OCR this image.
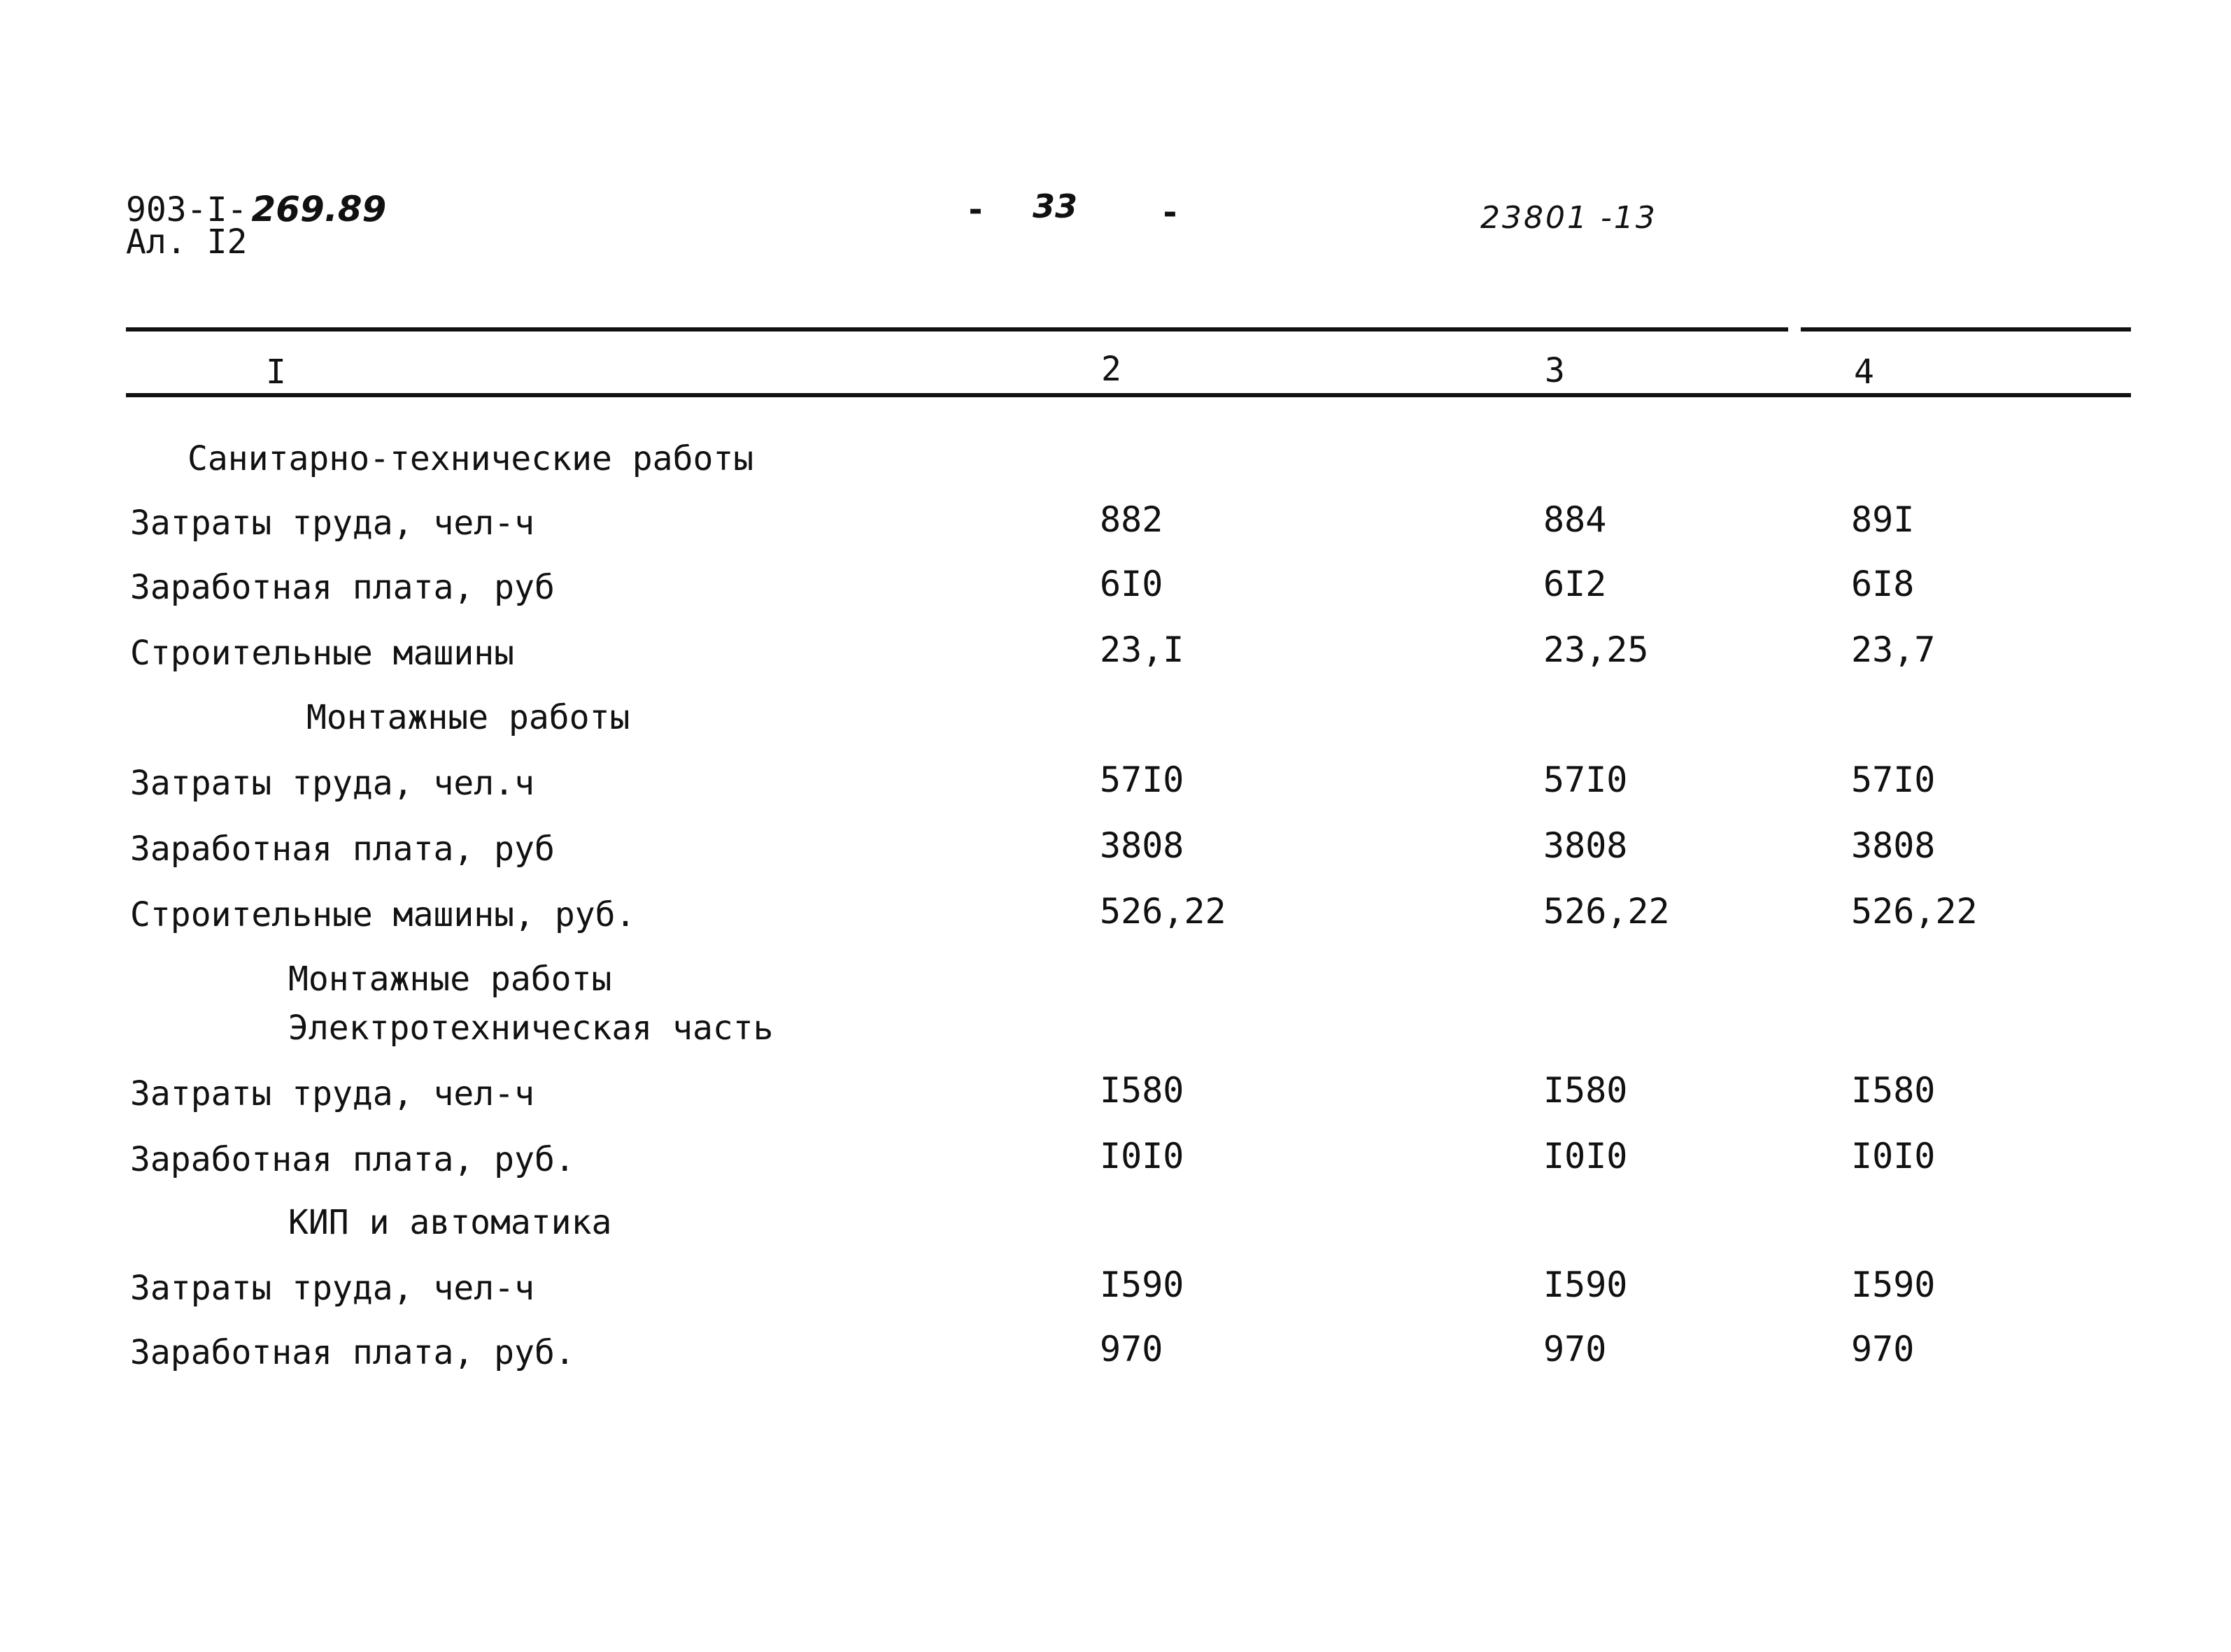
903-I- 269.89
Ал. I2
- 33 -	23801 -13
I	2	3	4
Санитарно-технические работы
Затраты труда, чел-ч	882	884	89I
Заработная плата, руб	6I0	6I2	6I8
Строительные машины	23,I	23,25	23,7
Монтажные работы
Затраты труда, чел.ч	57I0	57I0	57I0
Заработная плата, руб	3808	3808	3808
Строительные машины, руб.	526,22	526,22	526,22
Монтажные работы
Электротехническая часть
Затраты труда, чел-ч	I580	I580	I580
Заработная плата, руб.	I0I0	I0I0	I0I0
КИП и автоматика
Затраты труда, чел-ч	I590	I590	I590
Заработная плата, руб.	970	970	970
